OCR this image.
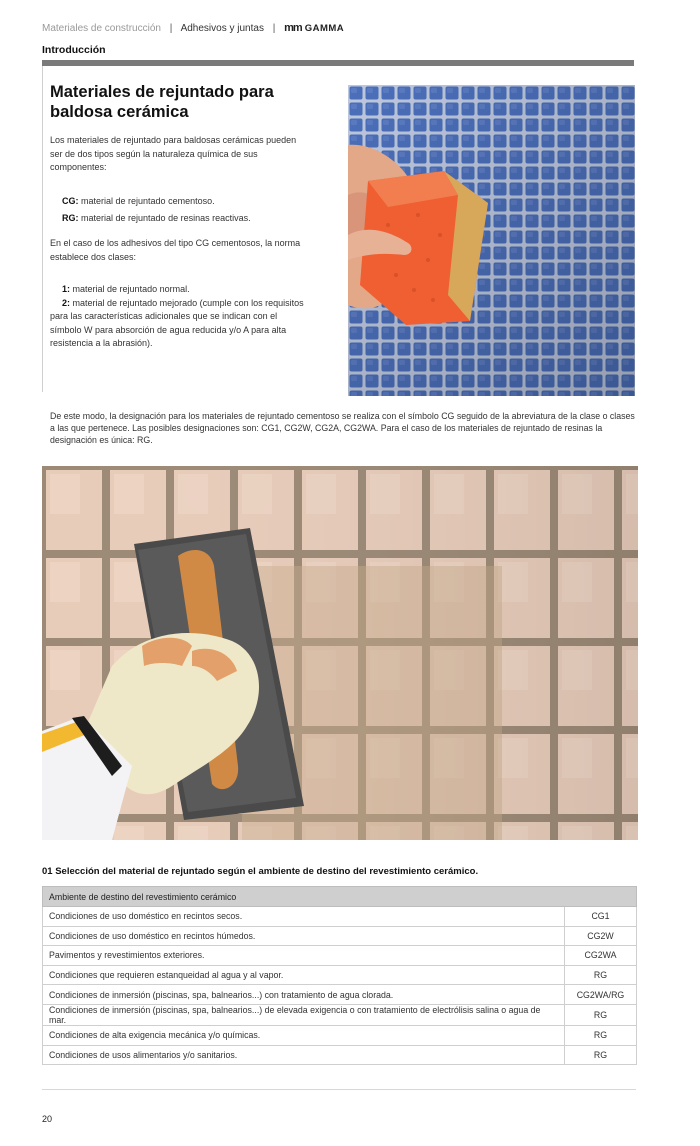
Materiales de construcción | Adhesivos y juntas | mm GAMMA
Introducción
Materiales de rejuntado para baldosa cerámica
Los materiales de rejuntado para baldosas cerámicas pueden ser de dos tipos según la naturaleza química de sus componentes:
CG: material de rejuntado cementoso.
RG: material de rejuntado de resinas reactivas.
En el caso de los adhesivos del tipo CG cementosos, la norma establece dos clases:
1: material de rejuntado normal.
2: material de rejuntado mejorado (cumple con los requisitos para las características adicionales que se indican con el símbolo W para absorción de agua reducida y/o A para alta resistencia a la abrasión).
De este modo, la designación para los materiales de rejuntado cementoso se realiza con el símbolo CG seguido de la abreviatura de la clase o clases a las que pertenece. Las posibles designaciones son: CG1, CG2W, CG2A, CG2WA. Para el caso de los materiales de rejuntado de resinas la designación es única: RG.
01 Selección del material de rejuntado según el ambiente de destino del revestimiento cerámico.
Ambiente de destino del revestimiento cerámico	
Condiciones de uso doméstico en recintos secos.	CG1
Condiciones de uso doméstico en recintos húmedos.	CG2W
Pavimentos y revestimientos exteriores.	CG2WA
Condiciones que requieren estanqueidad al agua y al vapor.	RG
Condiciones de inmersión (piscinas, spa, balnearios...) con tratamiento de agua clorada.	CG2WA/RG
Condiciones de inmersión (piscinas, spa, balnearios...) de elevada exigencia o con tratamiento de electrólisis salina o agua de mar.	RG
Condiciones de alta exigencia mecánica y/o químicas.	RG
Condiciones de usos alimentarios y/o sanitarios.	RG
20
